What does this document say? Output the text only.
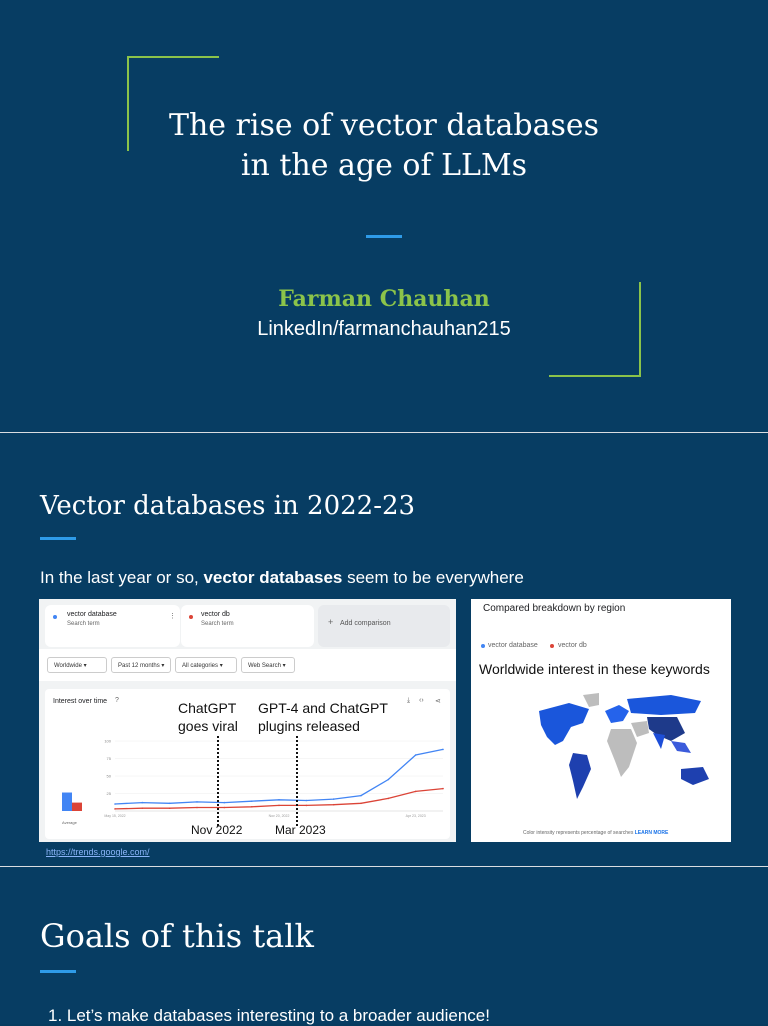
The rise of vector databases
in the age of LLMs
Farman Chauhan
LinkedIn/farmanchauhan215
Vector databases in 2022-23
In the last year or so, vector databases seem to be everywhere
vector database
Search term
⋮	vector db
Search term	+ Add comparison
Worldwide ▾	Past 12 months ▾	All categories ▾	Web Search ▾
Interest over time ?	⤓ ‹› ⋖
100
75
50
25
May 15, 2022	Nov 20, 2022	Apr 23, 2023
Average
ChatGPT
goes viral
GPT-4 and ChatGPT
plugins released
Nov 2022	Mar 2023
Compared breakdown by region
vector database	vector db
Worldwide interest in these keywords
Color intensity represents percentage of searches LEARN MORE
https://trends.google.com/
Goals of this talk
1. Let’s make databases interesting to a broader audience!
